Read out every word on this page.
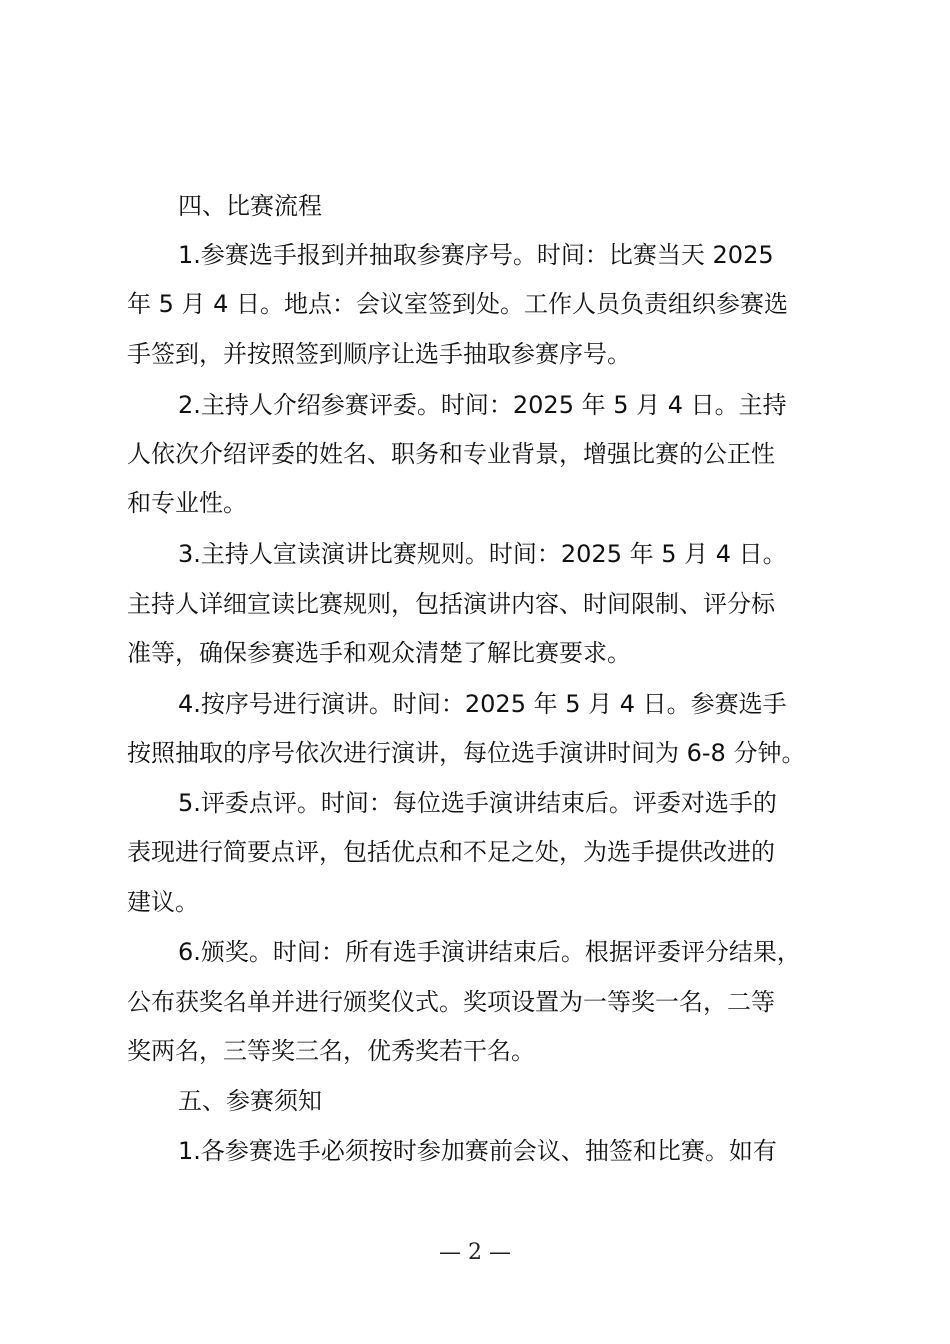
四、比赛流程
1.参赛选手报到并抽取参赛序号。时间：比赛当天 2025
年 5 月 4 日。地点：会议室签到处。工作人员负责组织参赛选
手签到，并按照签到顺序让选手抽取参赛序号。
2.主持人介绍参赛评委。时间：2025 年 5 月 4 日。主持
人依次介绍评委的姓名、职务和专业背景，增强比赛的公正性
和专业性。
3.主持人宣读演讲比赛规则。时间：2025 年 5 月 4 日。
主持人详细宣读比赛规则，包括演讲内容、时间限制、评分标
准等，确保参赛选手和观众清楚了解比赛要求。
4.按序号进行演讲。时间：2025 年 5 月 4 日。参赛选手
按照抽取的序号依次进行演讲，每位选手演讲时间为 6-8 分钟。
5.评委点评。时间：每位选手演讲结束后。评委对选手的
表现进行简要点评，包括优点和不足之处，为选手提供改进的
建议。
6.颁奖。时间：所有选手演讲结束后。根据评委评分结果，
公布获奖名单并进行颁奖仪式。奖项设置为一等奖一名，二等
奖两名，三等奖三名，优秀奖若干名。
五、参赛须知
1.各参赛选手必须按时参加赛前会议、抽签和比赛。如有
— 2 —
